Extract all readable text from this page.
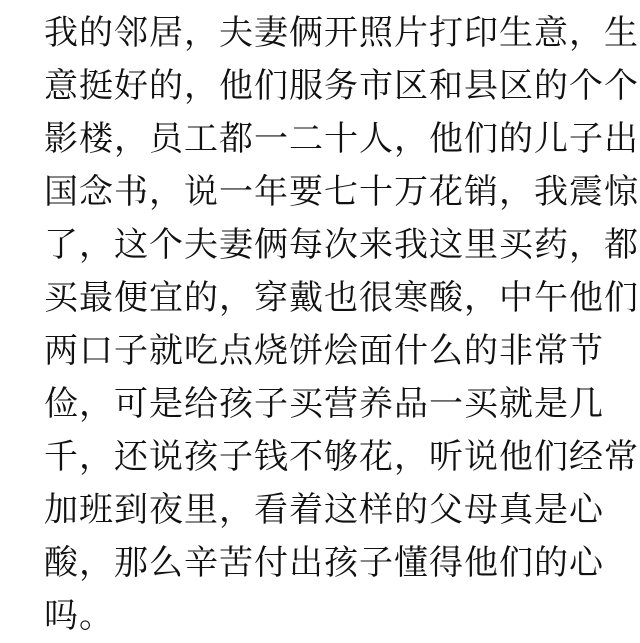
我的邻居，夫妻俩开照片打印生意，生
意挺好的，他们服务市区和县区的个个
影楼，员工都一二十人，他们的儿子出
国念书，说一年要七十万花销，我震惊
了，这个夫妻俩每次来我这里买药，都
买最便宜的，穿戴也很寒酸，中午他们
两口子就吃点烧饼烩面什么的非常节
俭，可是给孩子买营养品一买就是几
千，还说孩子钱不够花，听说他们经常
加班到夜里，看着这样的父母真是心
酸，那么辛苦付出孩子懂得他们的心
吗。
